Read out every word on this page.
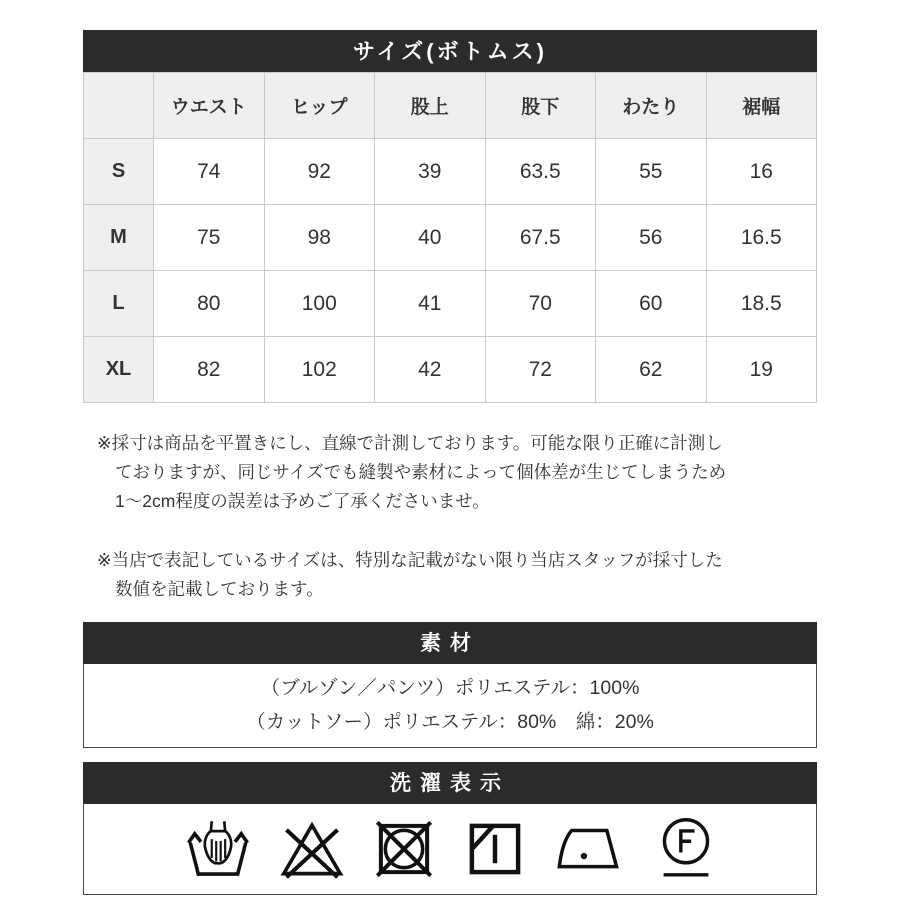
サイズ(ボトムス)
	ウエスト	ヒップ	股上	股下	わたり	裾幅
S	74	92	39	63.5	55	16
M	75	98	40	67.5	56	16.5
L	80	100	41	70	60	18.5
XL	82	102	42	72	62	19
※採寸は商品を平置きにし、直線で計測しております。可能な限り正確に計測し
ておりますが、同じサイズでも縫製や素材によって個体差が生じてしまうため
1～2cm程度の誤差は予めご了承くださいませ。
※当店で表記しているサイズは、特別な記載がない限り当店スタッフが採寸した
数値を記載しております。
素材
（ブルゾン／パンツ）ポリエステル：100%
（カットソー）ポリエステル：80%　綿：20%
洗濯表示
